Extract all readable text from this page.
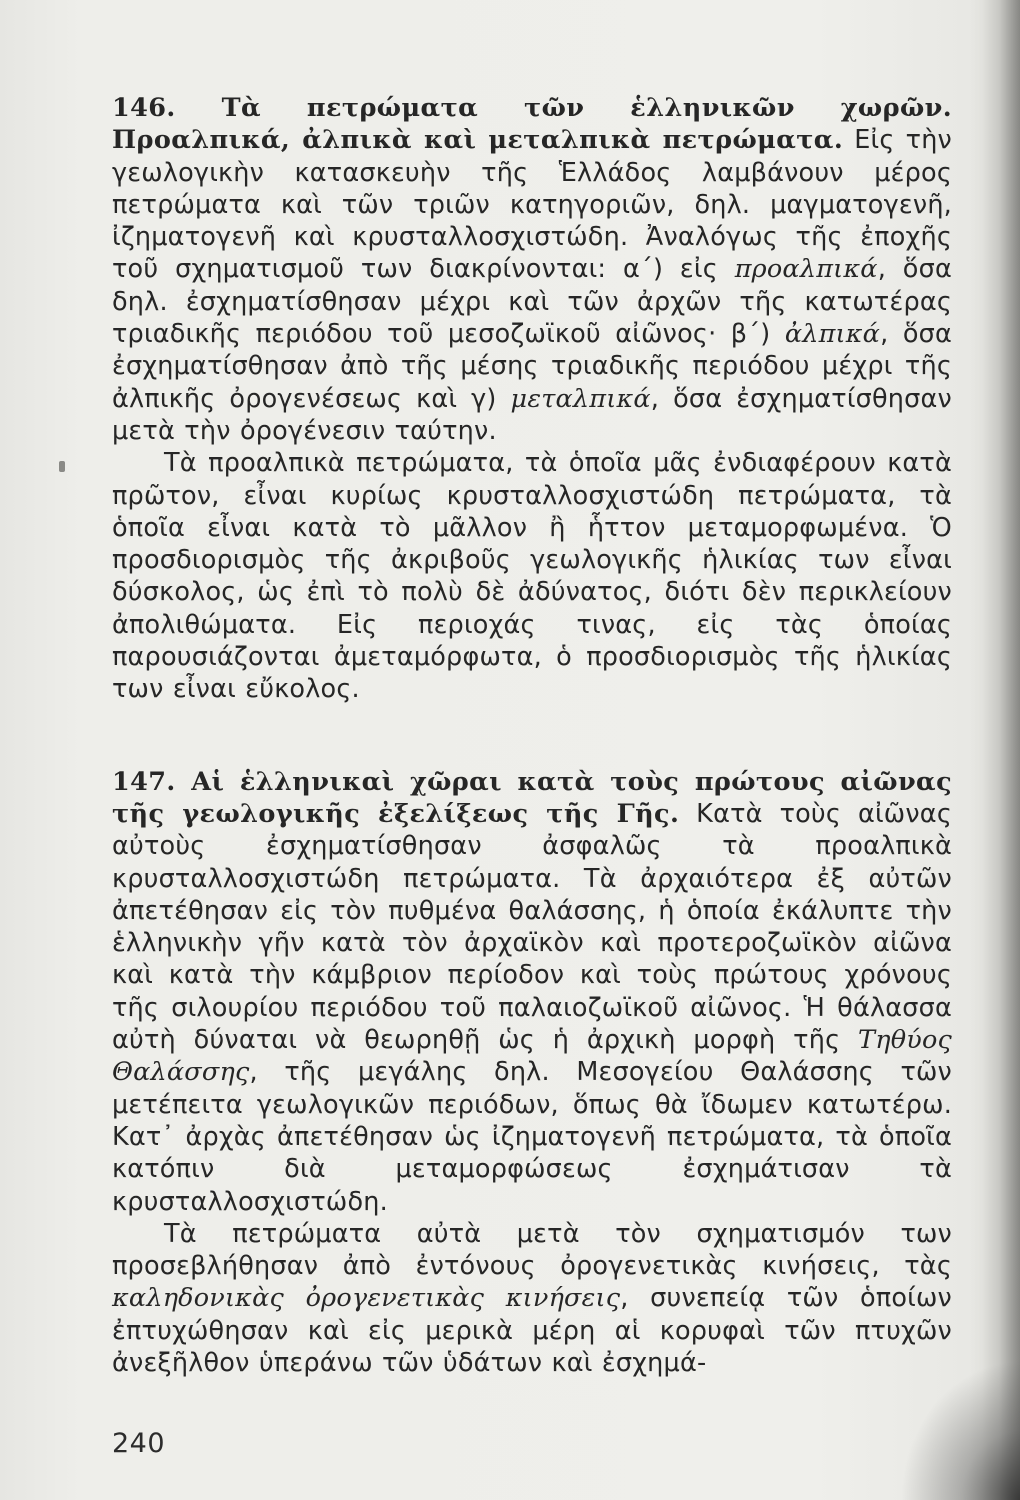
146. Τὰ πετρώματα τῶν ἑλληνικῶν χωρῶν. Προαλπικά, ἀλπικὰ καὶ μεταλπικὰ πετρώματα. Εἰς τὴν γεωλογικὴν κατασκευὴν τῆς Ἑλλάδος λαμβάνουν μέρος πετρώματα καὶ τῶν τριῶν κατηγοριῶν, δηλ. μαγματογενῆ, ἰζηματογενῆ καὶ κρυσταλλοσχιστώδη. Ἀναλόγως τῆς ἐποχῆς τοῦ σχηματισμοῦ των διακρίνονται: α΄) εἰς προαλπικά, ὅσα δηλ. ἐσχηματίσθησαν μέχρι καὶ τῶν ἀρχῶν τῆς κατωτέρας τριαδικῆς περιόδου τοῦ μεσοζωϊκοῦ αἰῶνος· β΄) ἀλπικά, ὅσα ἐσχηματίσθησαν ἀπὸ τῆς μέσης τριαδικῆς περιόδου μέχρι τῆς ἀλπικῆς ὀρογενέσεως καὶ γ) μεταλπικά, ὅσα ἐσχηματίσθησαν μετὰ τὴν ὀρογένεσιν ταύτην.

Τὰ προαλπικὰ πετρώματα, τὰ ὁποῖα μᾶς ἐνδιαφέρουν κατὰ πρῶτον, εἶναι κυρίως κρυσταλλοσχιστώδη πετρώματα, τὰ ὁποῖα εἶναι κατὰ τὸ μᾶλλον ἢ ἧττον μεταμορφωμένα. Ὁ προσδιορισμὸς τῆς ἀκριβοῦς γεωλογικῆς ἡλικίας των εἶναι δύσκολος, ὡς ἐπὶ τὸ πολὺ δὲ ἀδύνατος, διότι δὲν περικλείουν ἀπολιθώματα. Εἰς περιοχάς τινας, εἰς τὰς ὁποίας παρουσιάζονται ἀμεταμόρφωτα, ὁ προσδιορισμὸς τῆς ἡλικίας των εἶναι εὔκολος.

147. Αἱ ἑλληνικαὶ χῶραι κατὰ τοὺς πρώτους αἰῶνας τῆς γεωλογικῆς ἐξελίξεως τῆς Γῆς. Κατὰ τοὺς αἰῶνας αὐτοὺς ἐσχηματίσθησαν ἀσφαλῶς τὰ προαλπικὰ κρυσταλλοσχιστώδη πετρώματα. Τὰ ἀρχαιότερα ἐξ αὐτῶν ἀπετέθησαν εἰς τὸν πυθμένα θαλάσσης, ἡ ὁποία ἐκάλυπτε τὴν ἑλληνικὴν γῆν κατὰ τὸν ἀρχαϊκὸν καὶ προτεροζωϊκὸν αἰῶνα καὶ κατὰ τὴν κάμβριον περίοδον καὶ τοὺς πρώτους χρόνους τῆς σιλουρίου περιόδου τοῦ παλαιοζωϊκοῦ αἰῶνος. Ἡ θάλασσα αὐτὴ δύναται νὰ θεωρηθῇ ὡς ἡ ἀρχικὴ μορφὴ τῆς Τηθύος Θαλάσσης, τῆς μεγάλης δηλ. Μεσογείου Θαλάσσης τῶν μετέπειτα γεωλογικῶν περιόδων, ὅπως θὰ ἴδωμεν κατωτέρω. Κατ᾽ ἀρχὰς ἀπετέθησαν ὡς ἰζηματογενῆ πετρώματα, τὰ ὁποῖα κατόπιν διὰ μεταμορφώσεως ἐσχημάτισαν τὰ κρυσταλλοσχιστώδη.

Τὰ πετρώματα αὐτὰ μετὰ τὸν σχηματισμόν των προσεβλήθησαν ἀπὸ ἐντόνους ὀρογενετικὰς κινήσεις, τὰς καληδονικὰς ὀρογενετικὰς κινήσεις, συνεπείᾳ τῶν ὁποίων ἐπτυχώθησαν καὶ εἰς μερικὰ μέρη αἱ κορυφαὶ τῶν πτυχῶν ἀνεξῆλθον ὑπεράνω τῶν ὑδάτων καὶ ἐσχημά-

240
